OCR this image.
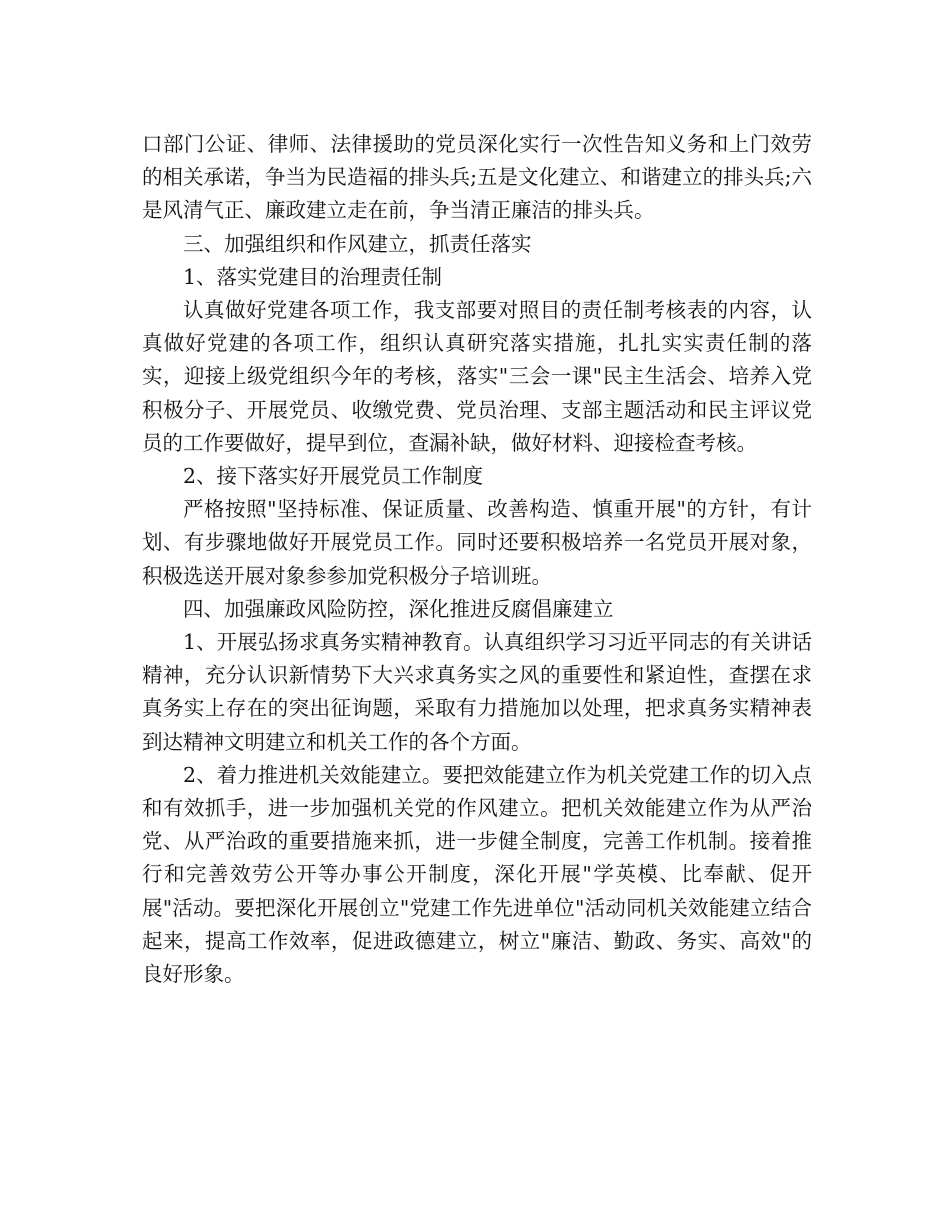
口部门公证、律师、法律援助的党员深化实行一次性告知义务和上门效劳的相关承诺，争当为民造福的排头兵;五是文化建立、和谐建立的排头兵;六是风清气正、廉政建立走在前，争当清正廉洁的排头兵。

三、加强组织和作风建立，抓责任落实

1、落实党建目的治理责任制

认真做好党建各项工作，我支部要对照目的责任制考核表的内容，认真做好党建的各项工作，组织认真研究落实措施，扎扎实实责任制的落实，迎接上级党组织今年的考核，落实"三会一课"民主生活会、培养入党积极分子、开展党员、收缴党费、党员治理、支部主题活动和民主评议党员的工作要做好，提早到位，查漏补缺，做好材料、迎接检查考核。

2、接下落实好开展党员工作制度

严格按照"坚持标准、保证质量、改善构造、慎重开展"的方针，有计划、有步骤地做好开展党员工作。同时还要积极培养一名党员开展对象，积极选送开展对象参参加党积极分子培训班。

四、加强廉政风险防控，深化推进反腐倡廉建立

1、开展弘扬求真务实精神教育。认真组织学习习近平同志的有关讲话精神，充分认识新情势下大兴求真务实之风的重要性和紧迫性，查摆在求真务实上存在的突出征询题，采取有力措施加以处理，把求真务实精神表到达精神文明建立和机关工作的各个方面。

2、着力推进机关效能建立。要把效能建立作为机关党建工作的切入点和有效抓手，进一步加强机关党的作风建立。把机关效能建立作为从严治党、从严治政的重要措施来抓，进一步健全制度，完善工作机制。接着推行和完善效劳公开等办事公开制度，深化开展"学英模、比奉献、促开展"活动。要把深化开展创立"党建工作先进单位"活动同机关效能建立结合起来，提高工作效率，促进政德建立，树立"廉洁、勤政、务实、高效"的良好形象。
